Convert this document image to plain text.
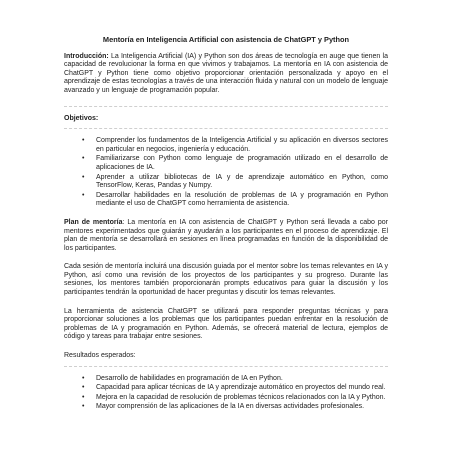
Mentoría en Inteligencia Artificial con asistencia de ChatGPT y Python

Introducción: La Inteligencia Artificial (IA) y Python son dos áreas de tecnología en auge que tienen la capacidad de revolucionar la forma en que vivimos y trabajamos. La mentoría en IA con asistencia de ChatGPT y Python tiene como objetivo proporcionar orientación personalizada y apoyo en el aprendizaje de estas tecnologías a través de una interacción fluida y natural con un modelo de lenguaje avanzado y un lenguaje de programación popular.

Objetivos:
• Comprender los fundamentos de la Inteligencia Artificial y su aplicación en diversos sectores en particular en negocios, ingeniería y educación.
• Familiarizarse con Python como lenguaje de programación utilizado en el desarrollo de aplicaciones de IA.
• Aprender a utilizar bibliotecas de IA y de aprendizaje automático en Python, como TensorFlow, Keras, Pandas y Numpy.
• Desarrollar habilidades en la resolución de problemas de IA y programación en Python mediante el uso de ChatGPT como herramienta de asistencia.

Plan de mentoría: La mentoría en IA con asistencia de ChatGPT y Python será llevada a cabo por mentores experimentados que guiarán y ayudarán a los participantes en el proceso de aprendizaje. El plan de mentoría se desarrollará en sesiones en línea programadas en función de la disponibilidad de los participantes.

Cada sesión de mentoría incluirá una discusión guiada por el mentor sobre los temas relevantes en IA y Python, así como una revisión de los proyectos de los participantes y su progreso. Durante las sesiones, los mentores también proporcionarán prompts educativos para guiar la discusión y los participantes tendrán la oportunidad de hacer preguntas y discutir los temas relevantes.

La herramienta de asistencia ChatGPT se utilizará para responder preguntas técnicas y para proporcionar soluciones a los problemas que los participantes puedan enfrentar en la resolución de problemas de IA y programación en Python. Además, se ofrecerá material de lectura, ejemplos de código y tareas para trabajar entre sesiones.

Resultados esperados:
• Desarrollo de habilidades en programación de IA en Python.
• Capacidad para aplicar técnicas de IA y aprendizaje automático en proyectos del mundo real.
• Mejora en la capacidad de resolución de problemas técnicos relacionados con la IA y Python.
• Mayor comprensión de las aplicaciones de la IA en diversas actividades profesionales.
